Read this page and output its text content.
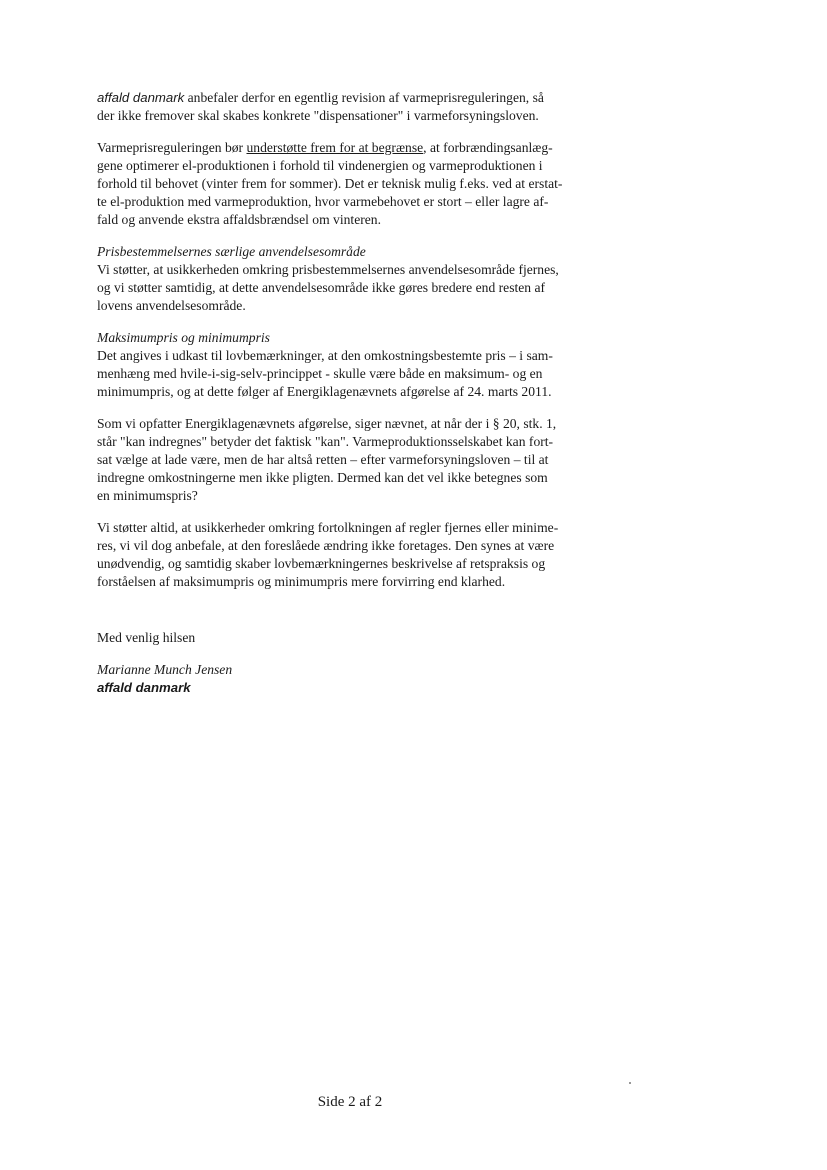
affald danmark anbefaler derfor en egentlig revision af varmeprisreguleringen, så
der ikke fremover skal skabes konkrete "dispensationer" i varmeforsyningsloven.

Varmeprisreguleringen bør understøtte frem for at begrænse, at forbrændingsanlæg-
gene optimerer el-produktionen i forhold til vindenergien og varmeproduktionen i
forhold til behovet (vinter frem for sommer). Det er teknisk mulig f.eks. ved at erstat-
te el-produktion med varmeproduktion, hvor varmebehovet er stort – eller lagre af-
fald og anvende ekstra affaldsbrændsel om vinteren.

Prisbestemmelsernes særlige anvendelsesområde
Vi støtter, at usikkerheden omkring prisbestemmelsernes anvendelsesområde fjernes,
og vi støtter samtidig, at dette anvendelsesområde ikke gøres bredere end resten af
lovens anvendelsesområde.

Maksimumpris og minimumpris
Det angives i udkast til lovbemærkninger, at den omkostningsbestemte pris – i sam-
menhæng med hvile-i-sig-selv-princippet - skulle være både en maksimum- og en
minimumpris, og at dette følger af Energiklagenævnets afgørelse af 24. marts 2011.

Som vi opfatter Energiklagenævnets afgørelse, siger nævnet, at når der i § 20, stk. 1,
står "kan indregnes" betyder det faktisk "kan". Varmeproduktionsselskabet kan fort-
sat vælge at lade være, men de har altså retten – efter varmeforsyningsloven – til at
indregne omkostningerne men ikke pligten. Dermed kan det vel ikke betegnes som
en minimumspris?

Vi støtter altid, at usikkerheder omkring fortolkningen af regler fjernes eller minime-
res, vi vil dog anbefale, at den foreslåede ændring ikke foretages. Den synes at være
unødvendig, og samtidig skaber lovbemærkningernes beskrivelse af retspraksis og
forståelsen af maksimumpris og minimumpris mere forvirring end klarhed.

Med venlig hilsen

Marianne Munch Jensen
affald danmark
Side 2 af 2
